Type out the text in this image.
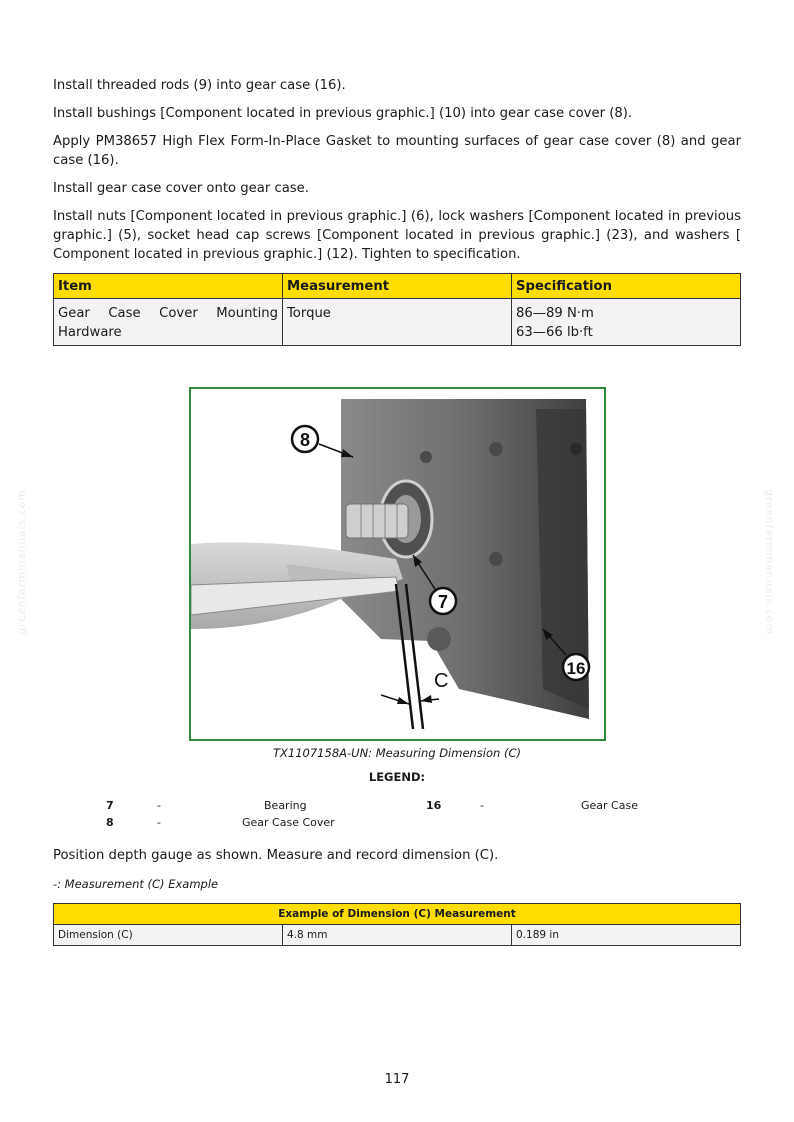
Install threaded rods (9) into gear case (16).

Install bushings [Component located in previous graphic.] (10) into gear case cover (8).

Apply PM38657 High Flex Form-In-Place Gasket to mounting surfaces of gear case cover (8) and gear case (16).

Install gear case cover onto gear case.

Install nuts [Component located in previous graphic.] (6), lock washers [Component located in previous graphic.] (5), socket head cap screws [Component located in previous graphic.] (23), and washers [ Component located in previous graphic.] (12). Tighten to specification.

Item	Measurement	Specification
Gear Case Cover Mounting Hardware	Torque	86—89 N·m
63—66 lb·ft
C
8
7
16
TX1107158A-UN: Measuring Dimension (C)
LEGEND:
7	-	Bearing
8	-	Gear Case Cover
16	-	Gear Case
Position depth gauge as shown. Measure and record dimension (C).
-: Measurement (C) Example
Example of Dimension (C) Measurement
Dimension (C)	4.8 mm	0.189 in
greenfarmmanuals.com	greenfarmmanuals.com
117
